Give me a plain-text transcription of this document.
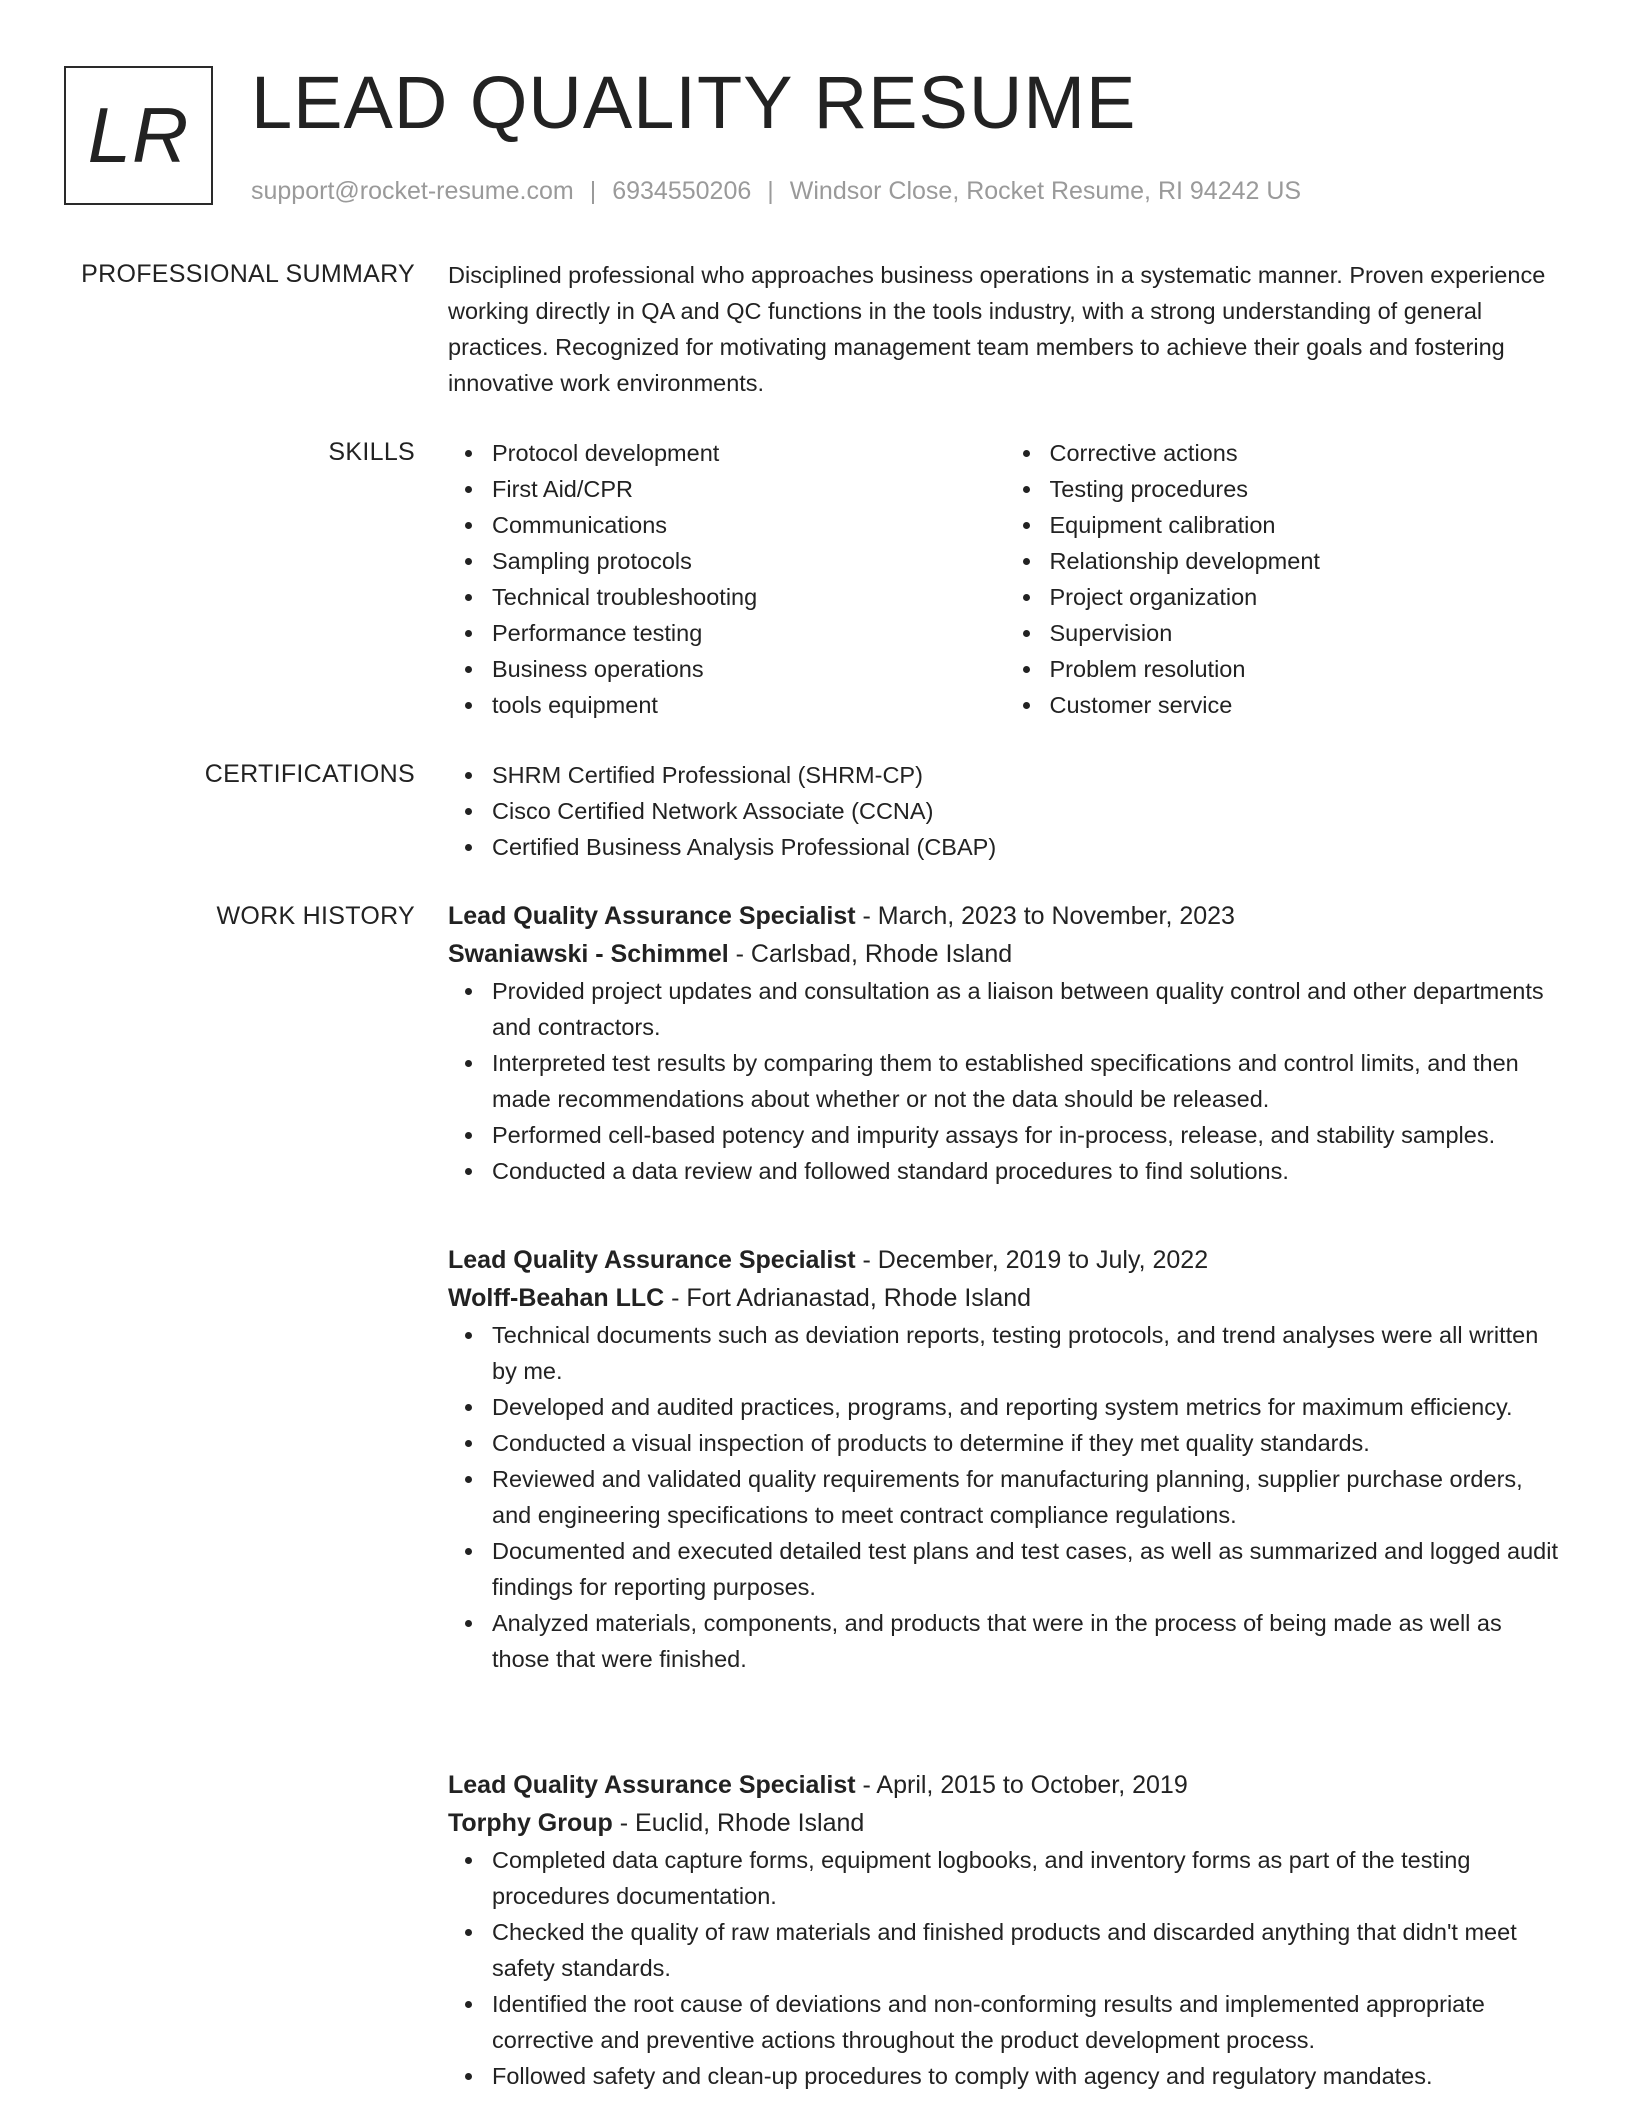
LR LEAD QUALITY RESUME
support@rocket-resume.com | 6934550206 | Windsor Close, Rocket Resume, RI 94242 US
PROFESSIONAL SUMMARY Disciplined professional who approaches business operations in a systematic manner. Proven experience working directly in QA and QC functions in the tools industry, with a strong understanding of general practices. Recognized for motivating management team members to achieve their goals and fostering innovative work environments.

SKILLS	Protocol development
First Aid/CPR
Communications
Sampling protocols
Technical troubleshooting
Performance testing
Business operations
tools equipment
Corrective actions
Testing procedures
Equipment calibration
Relationship development
Project organization
Supervision
Problem resolution
Customer service
CERTIFICATIONS	SHRM Certified Professional (SHRM-CP)
Cisco Certified Network Associate (CCNA)
Certified Business Analysis Professional (CBAP)
WORK HISTORY Lead Quality Assurance Specialist - March, 2023 to November, 2023
Swaniawski - Schimmel - Carlsbad, Rhode Island
Provided project updates and consultation as a liaison between quality control and other departments and contractors.
Interpreted test results by comparing them to established specifications and control limits, and then made recommendations about whether or not the data should be released.
Performed cell-based potency and impurity assays for in-process, release, and stability samples.
Conducted a data review and followed standard procedures to find solutions.
Lead Quality Assurance Specialist - December, 2019 to July, 2022
Wolff-Beahan LLC - Fort Adrianastad, Rhode Island
Technical documents such as deviation reports, testing protocols, and trend analyses were all written by me.
Developed and audited practices, programs, and reporting system metrics for maximum efficiency.
Conducted a visual inspection of products to determine if they met quality standards.
Reviewed and validated quality requirements for manufacturing planning, supplier purchase orders, and engineering specifications to meet contract compliance regulations.
Documented and executed detailed test plans and test cases, as well as summarized and logged audit findings for reporting purposes.
Analyzed materials, components, and products that were in the process of being made as well as those that were finished.
Lead Quality Assurance Specialist - April, 2015 to October, 2019
Torphy Group - Euclid, Rhode Island
Completed data capture forms, equipment logbooks, and inventory forms as part of the testing procedures documentation.
Checked the quality of raw materials and finished products and discarded anything that didn't meet safety standards.
Identified the root cause of deviations and non-conforming results and implemented appropriate corrective and preventive actions throughout the product development process.
Followed safety and clean-up procedures to comply with agency and regulatory mandates.
